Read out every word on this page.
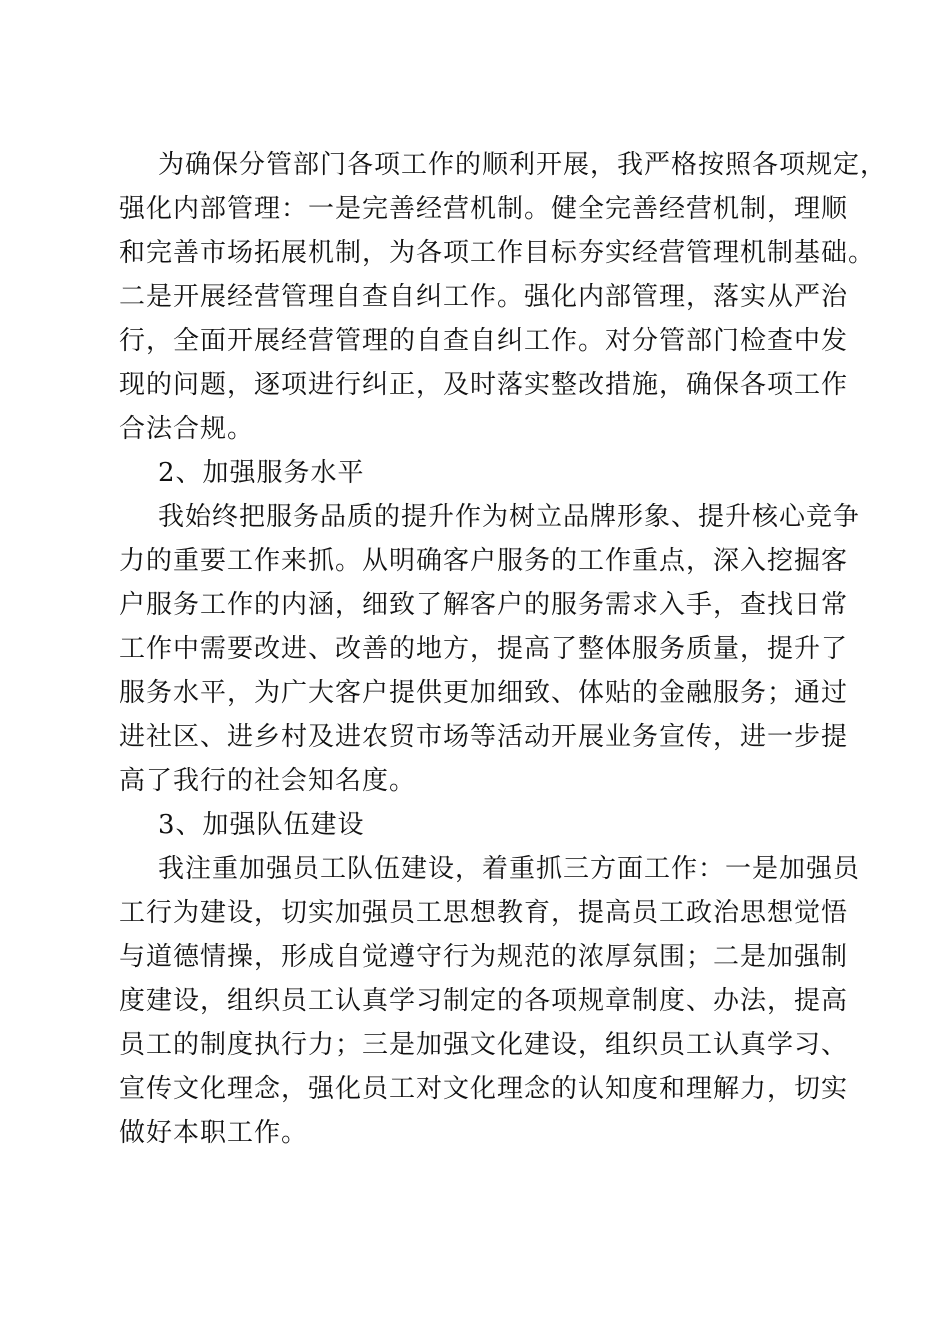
为确保分管部门各项工作的顺利开展，我严格按照各项规定，
强化内部管理：一是完善经营机制。健全完善经营机制，理顺
和完善市场拓展机制，为各项工作目标夯实经营管理机制基础。
二是开展经营管理自查自纠工作。强化内部管理，落实从严治
行，全面开展经营管理的自查自纠工作。对分管部门检查中发
现的问题，逐项进行纠正，及时落实整改措施，确保各项工作
合法合规。
2、加强服务水平
我始终把服务品质的提升作为树立品牌形象、提升核心竞争
力的重要工作来抓。从明确客户服务的工作重点，深入挖掘客
户服务工作的内涵，细致了解客户的服务需求入手，查找日常
工作中需要改进、改善的地方，提高了整体服务质量，提升了
服务水平，为广大客户提供更加细致、体贴的金融服务；通过
进社区、进乡村及进农贸市场等活动开展业务宣传，进一步提
高了我行的社会知名度。
3、加强队伍建设
我注重加强员工队伍建设，着重抓三方面工作：一是加强员
工行为建设，切实加强员工思想教育，提高员工政治思想觉悟
与道德情操，形成自觉遵守行为规范的浓厚氛围；二是加强制
度建设，组织员工认真学习制定的各项规章制度、办法，提高
员工的制度执行力；三是加强文化建设，组织员工认真学习、
宣传文化理念，强化员工对文化理念的认知度和理解力，切实
做好本职工作。
